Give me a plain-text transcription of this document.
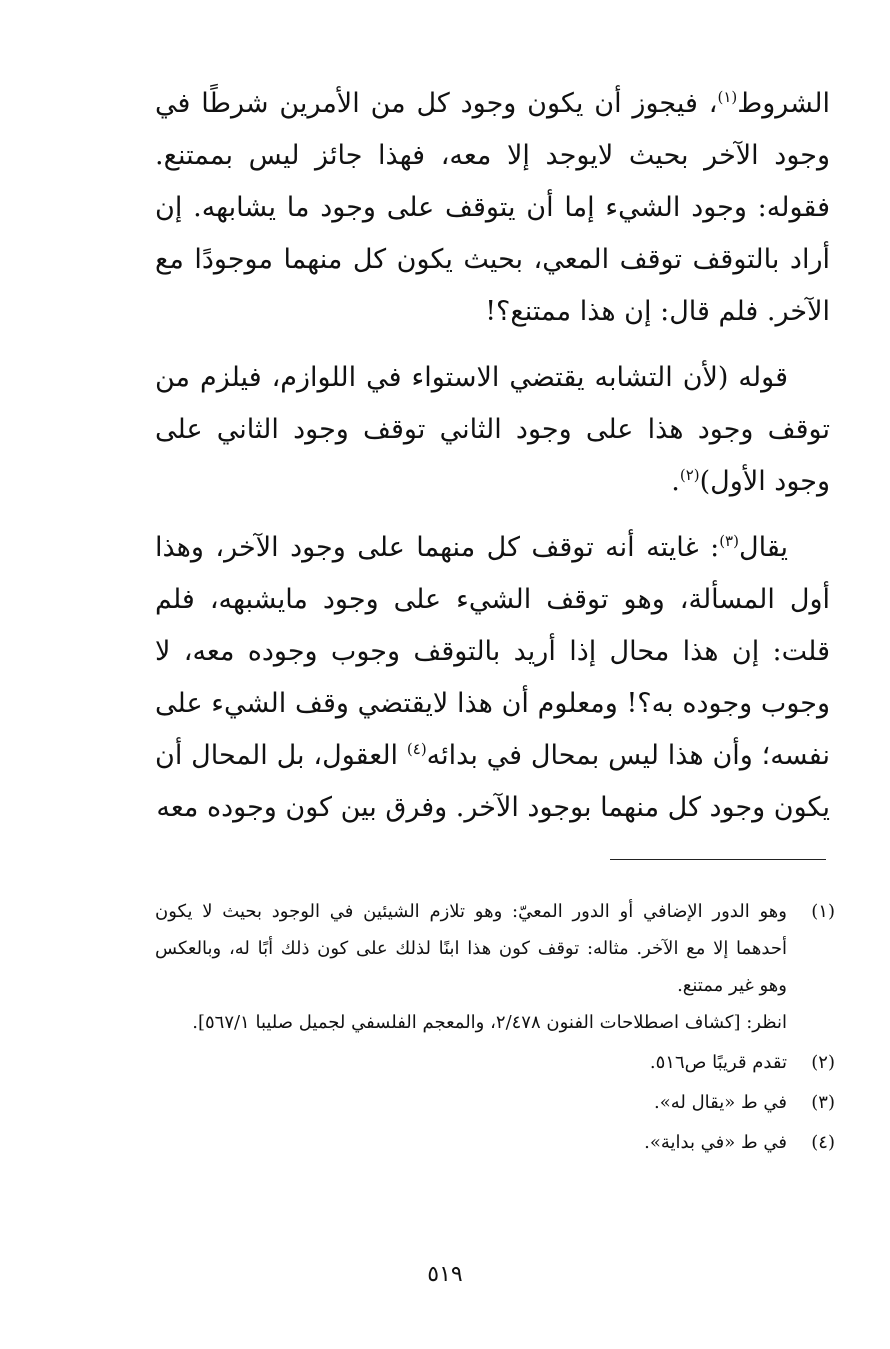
الشروط$^{(١)}$، فيجوز أن يكون وجود كل من الأمرين شرطًا في وجود الآخر بحيث لايوجد إلا معه، فهذا جائز ليس بممتنع. فقوله: وجود الشيء إما أن يتوقف على وجود ما يشابهه. إن أراد بالتوقف توقف المعي، بحيث يكون كل منهما موجودًا مع الآخر. فلم قال: إن هذا ممتنع؟!

قوله (لأن التشابه يقتضي الاستواء في اللوازم، فيلزم من توقف وجود هذا على وجود الثاني توقف وجود الثاني على وجود الأول)$^{(٢)}$.

يقال$^{(٣)}$: غايته أنه توقف كل منهما على وجود الآخر، وهذا أول المسألة، وهو توقف الشيء على وجود مايشبهه، فلم قلت: إن هذا محال إذا أريد بالتوقف وجوب وجوده معه، لا وجوب وجوده به؟! ومعلوم أن هذا لايقتضي وقف الشيء على نفسه؛ وأن هذا ليس بمحال في بدائه$^{(٤)}$ العقول، بل المحال أن يكون وجود كل منهما بوجود الآخر. وفرق بين كون وجوده معه

(١)

وهو الدور الإضافي أو الدور المعيّ: وهو تلازم الشيئين في الوجود بحيث لا يكون أحدهما إلا مع الآخر. مثاله: توقف كون هذا ابنًا لذلك على كون ذلك أبًا له، وبالعكس وهو غير ممتنع.

انظر: [كشاف اصطلاحات الفنون ٢/٤٧٨، والمعجم الفلسفي لجميل صليبا ٥٦٧/١].

(٢)

تقدم قريبًا ص٥١٦.

(٣)

في ط «يقال له».

(٤)

في ط «في بداية».

٥١٩
